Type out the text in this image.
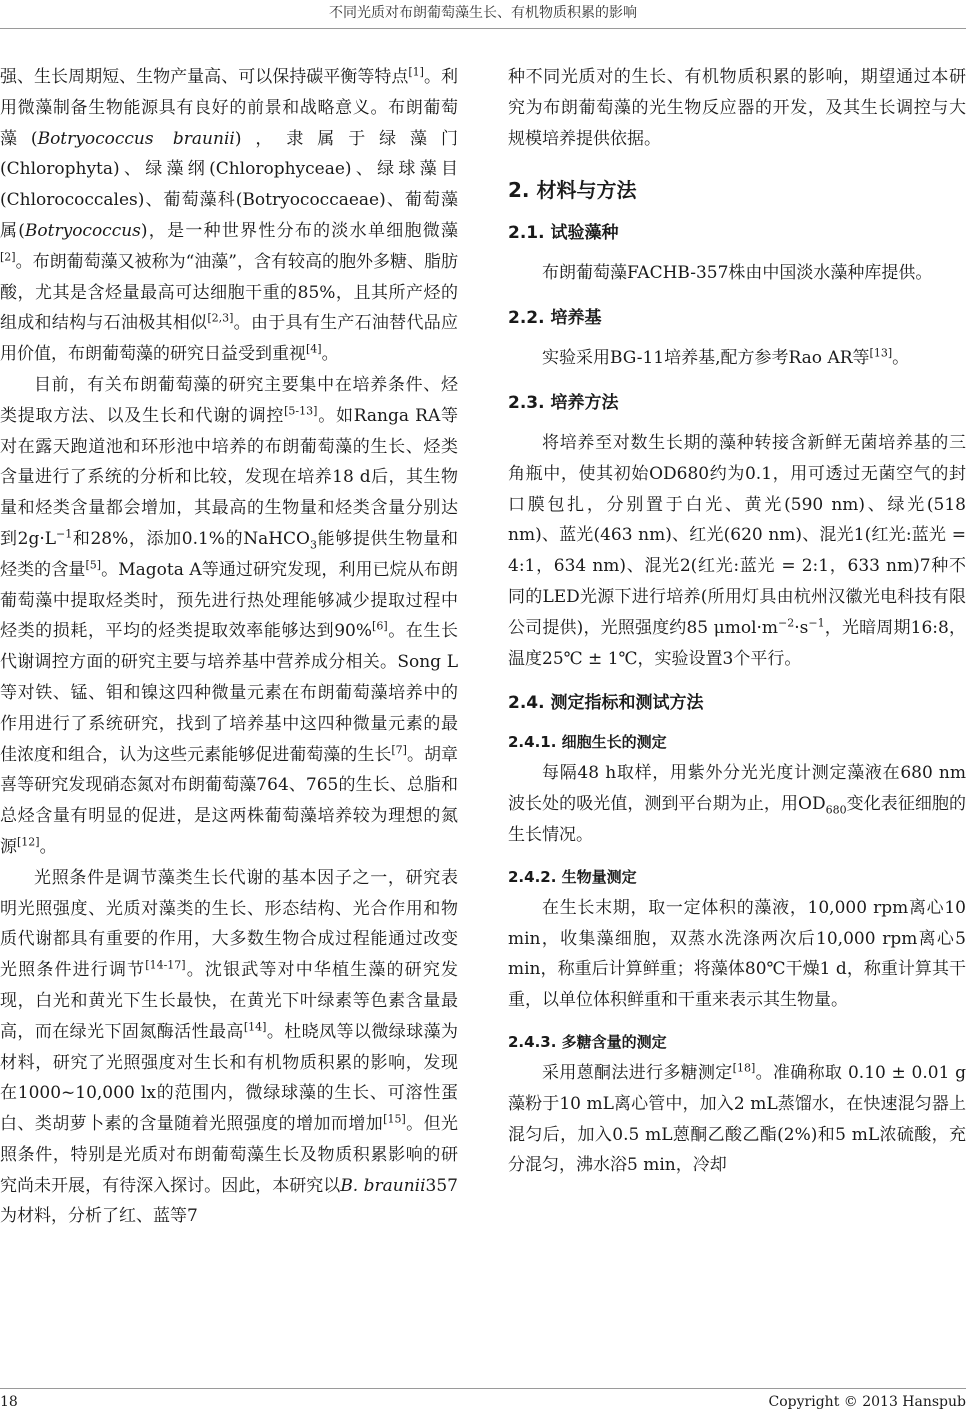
不同光质对布朗葡萄藻生长、有机物质积累的影响

强、生长周期短、生物产量高、可以保持碳平衡等特点[1]。利用微藻制备生物能源具有良好的前景和战略意义。布朗葡萄藻(Botryococcus braunii)，隶属于绿藻门(Chlorophyta)、绿藻纲(Chlorophyceae)、绿球藻目(Chlorococcales)、葡萄藻科(Botryococcaeae)、葡萄藻属(Botryococcus)，是一种世界性分布的淡水单细胞微藻[2]。布朗葡萄藻又被称为“油藻”，含有较高的胞外多糖、脂肪酸，尤其是含烃量最高可达细胞干重的85%，且其所产烃的组成和结构与石油极其相似[2,3]。由于具有生产石油替代品应用价值，布朗葡萄藻的研究日益受到重视[4]。

目前，有关布朗葡萄藻的研究主要集中在培养条件、烃类提取方法、以及生长和代谢的调控[5-13]。如Ranga RA等对在露天跑道池和环形池中培养的布朗葡萄藻的生长、烃类含量进行了系统的分析和比较，发现在培养18 d后，其生物量和烃类含量都会增加，其最高的生物量和烃类含量分别达到$2g\cdot L^{-1}$和28%，添加0.1%的NaHCO$_3$能够提供生物量和烃类的含量[5]。Magota A等通过研究发现，利用已烷从布朗葡萄藻中提取烃类时，预先进行热处理能够减少提取过程中烃类的损耗，平均的烃类提取效率能够达到90%[6]。在生长代谢调控方面的研究主要与培养基中营养成分相关。Song L等对铁、锰、钼和镍这四种微量元素在布朗葡萄藻培养中的作用进行了系统研究，找到了培养基中这四种微量元素的最佳浓度和组合，认为这些元素能够促进葡萄藻的生长[7]。胡章喜等研究发现硝态氮对布朗葡萄藻764、765的生长、总脂和总烃含量有明显的促进，是这两株葡萄藻培养较为理想的氮源[12]。

光照条件是调节藻类生长代谢的基本因子之一，研究表明光照强度、光质对藻类的生长、形态结构、光合作用和物质代谢都具有重要的作用，大多数生物合成过程能通过改变光照条件进行调节[14-17]。沈银武等对中华植生藻的研究发现，白光和黄光下生长最快，在黄光下叶绿素等色素含量最高，而在绿光下固氮酶活性最高[14]。杜晓凤等以微绿球藻为材料，研究了光照强度对生长和有机物质积累的影响，发现在1000~10,000 lx的范围内，微绿球藻的生长、可溶性蛋白、类胡萝卜素的含量随着光照强度的增加而增加[15]。但光照条件，特别是光质对布朗葡萄藻生长及物质积累影响的研究尚未开展，有待深入探讨。因此，本研究以B. braunii357为材料，分析了红、蓝等7

种不同光质对的生长、有机物质积累的影响，期望通过本研究为布朗葡萄藻的光生物反应器的开发，及其生长调控与大规模培养提供依据。

2. 材料与方法
2.1. 试验藻种

布朗葡萄藻FACHB-357株由中国淡水藻种库提供。

2.2. 培养基

实验采用BG-11培养基,配方参考Rao AR等[13]。

2.3. 培养方法

将培养至对数生长期的藻种转接含新鲜无菌培养基的三角瓶中，使其初始OD680约为0.1，用可透过无菌空气的封口膜包扎，分别置于白光、黄光(590 nm)、绿光(518 nm)、蓝光(463 nm)、红光(620 nm)、混光1(红光:蓝光 = 4:1，634 nm)、混光2(红光:蓝光 = 2:1，633 nm)7种不同的LED光源下进行培养(所用灯具由杭州汉徽光电科技有限公司提供)，光照强度约85 $\mu mol\cdot m^{-2}\cdot s^{-1}$，光暗周期16:8，温度25℃ ± 1℃，实验设置3个平行。

2.4. 测定指标和测试方法
2.4.1. 细胞生长的测定

每隔48 h取样，用紫外分光光度计测定藻液在680 nm波长处的吸光值，测到平台期为止，用$OD_{680}$变化表征细胞的生长情况。

2.4.2. 生物量测定

在生长末期，取一定体积的藻液，10,000 rpm离心10 min，收集藻细胞，双蒸水洗涤两次后10,000 rpm离心5 min，称重后计算鲜重；将藻体80℃干燥1 d，称重计算其干重，以单位体积鲜重和干重来表示其生物量。

2.4.3. 多糖含量的测定

采用蒽酮法进行多糖测定[18]。准确称取 0.10 ± 0.01 g藻粉于10 mL离心管中，加入2 mL蒸馏水，在快速混匀器上混匀后，加入0.5 mL蒽酮乙酸乙酯(2%)和5 mL浓硫酸，充分混匀，沸水浴5 min，冷却

18	Copyright © 2013 Hanspub
